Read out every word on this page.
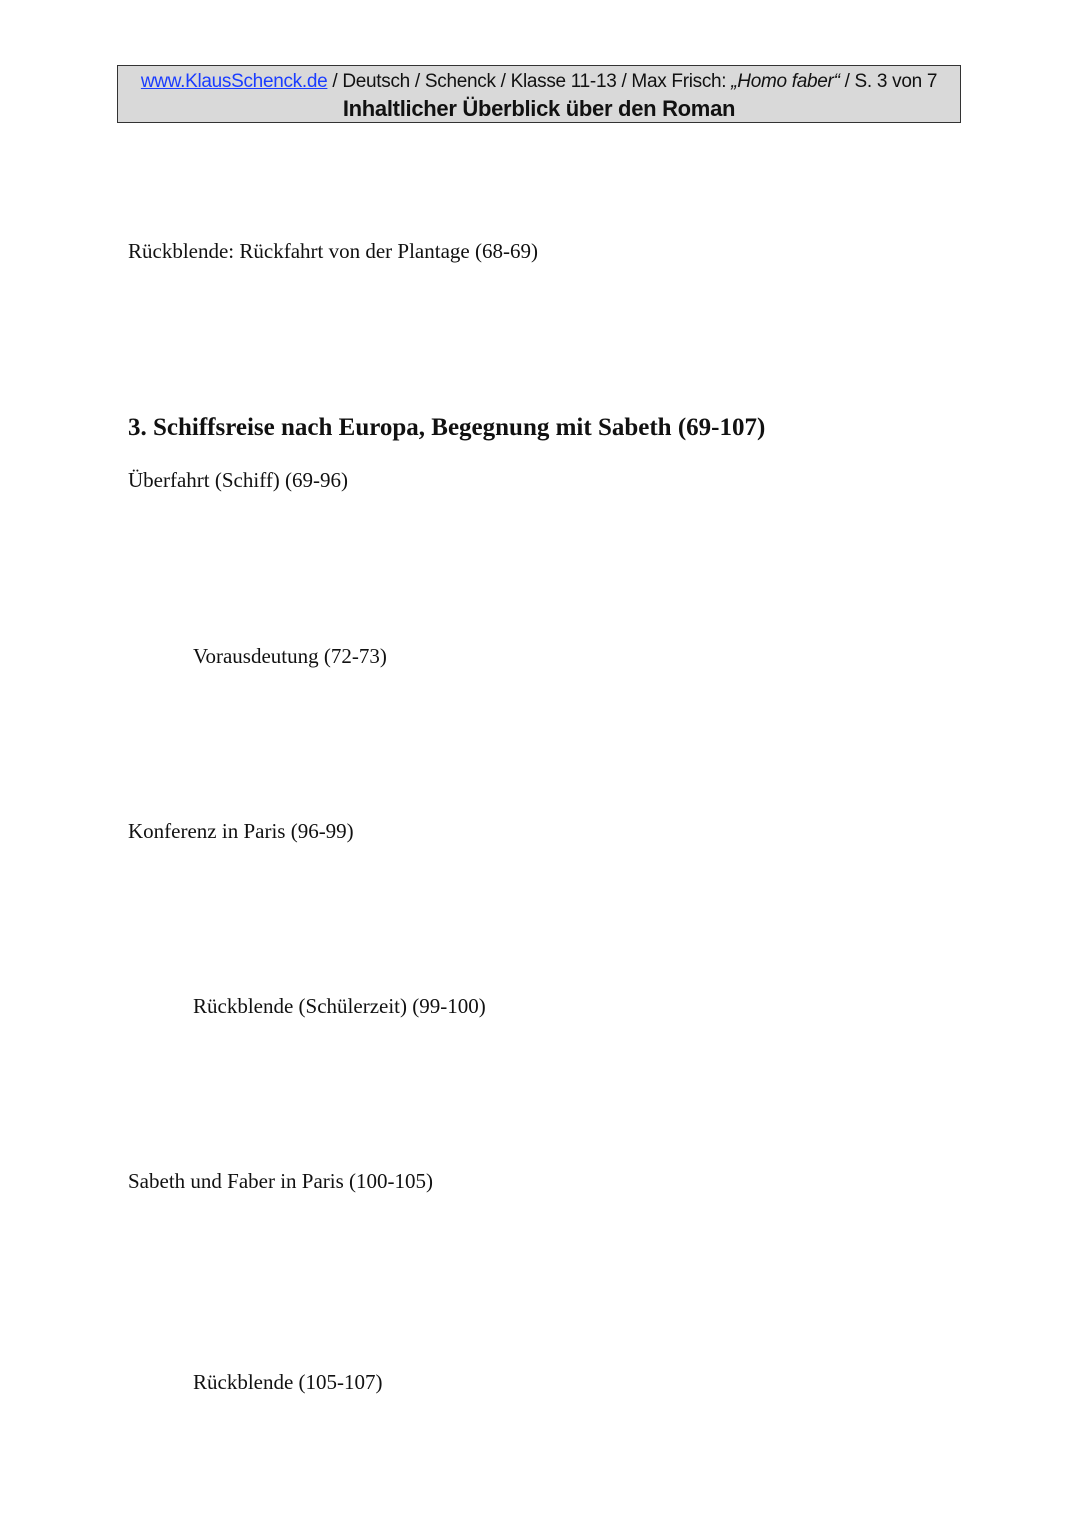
www.KlausSchenck.de / Deutsch / Schenck / Klasse 11-13 / Max Frisch: „Homo faber“ / S. 3 von 7
Inhaltlicher Überblick über den Roman
Rückblende: Rückfahrt von der Plantage (68-69)
3. Schiffsreise nach Europa, Begegnung mit Sabeth (69-107)
Überfahrt (Schiff) (69-96)
Vorausdeutung (72-73)
Konferenz in Paris (96-99)
Rückblende (Schülerzeit) (99-100)
Sabeth und Faber in Paris (100-105)
Rückblende (105-107)
